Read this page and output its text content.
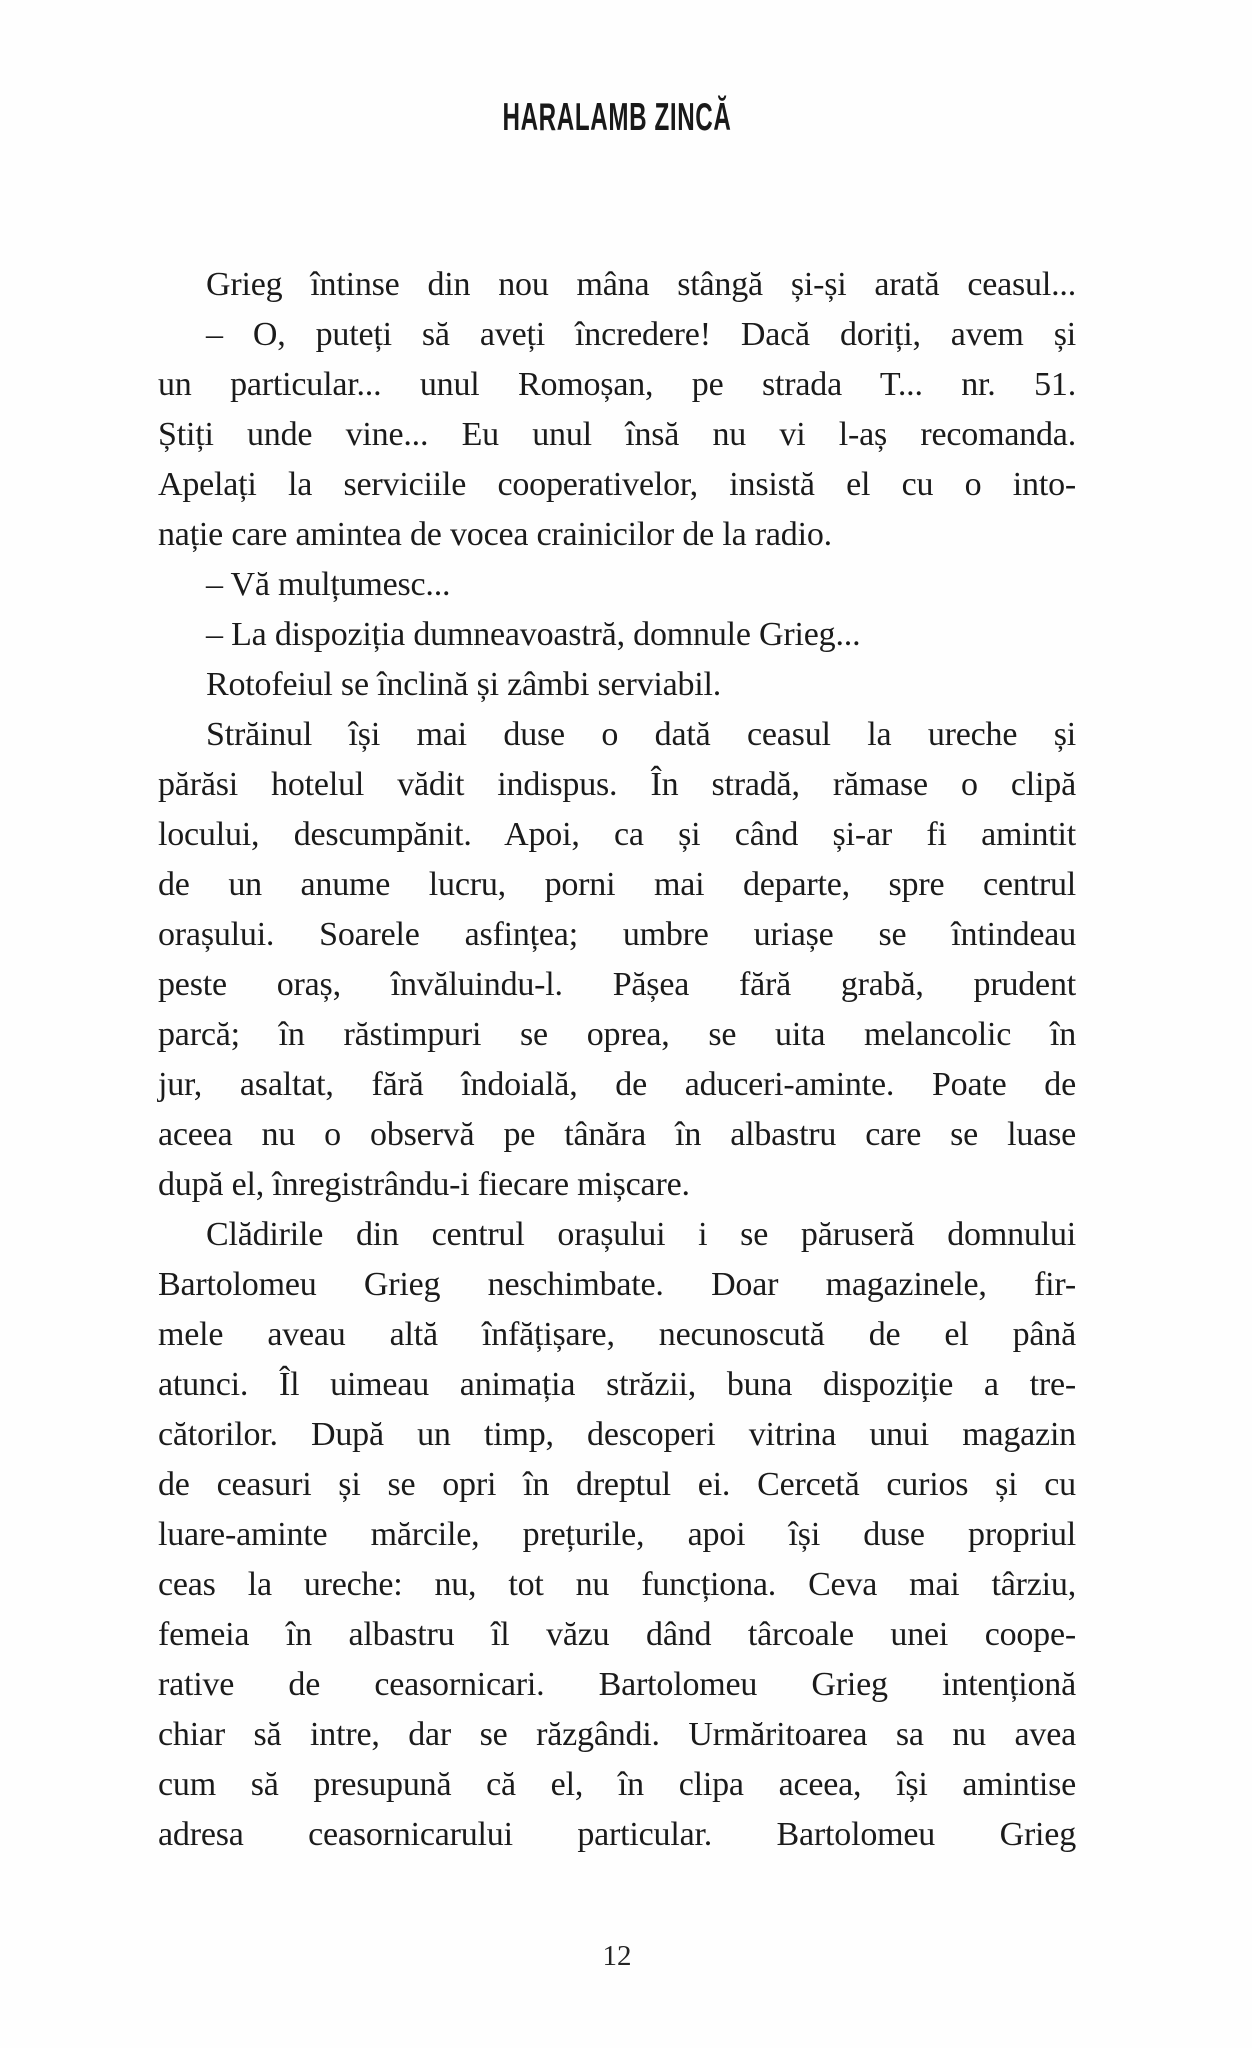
HARALAMB ZINCĂ
Grieg întinse din nou mâna stângă și-și arată ceasul...
– O, puteți să aveți încredere! Dacă doriți, avem și
un particular... unul Romoșan, pe strada T... nr. 51.
Știți unde vine... Eu unul însă nu vi l-aș recomanda.
Apelați la serviciile cooperativelor, insistă el cu o into-
nație care amintea de vocea crainicilor de la radio.
– Vă mulțumesc...
– La dispoziția dumneavoastră, domnule Grieg...
Rotofeiul se înclină și zâmbi serviabil.
Străinul își mai duse o dată ceasul la ureche și
părăsi hotelul vădit indispus. În stradă, rămase o clipă
locului, descumpănit. Apoi, ca și când și-ar fi amintit
de un anume lucru, porni mai departe, spre centrul
orașului. Soarele asfințea; umbre uriașe se întindeau
peste oraș, învăluindu-l. Pășea fără grabă, prudent
parcă; în răstimpuri se oprea, se uita melancolic în
jur, asaltat, fără îndoială, de aduceri-aminte. Poate de
aceea nu o observă pe tânăra în albastru care se luase
după el, înregistrându-i fiecare mișcare.
Clădirile din centrul orașului i se păruseră domnului
Bartolomeu Grieg neschimbate. Doar magazinele, fir-
mele aveau altă înfățișare, necunoscută de el până
atunci. Îl uimeau animația străzii, buna dispoziție a tre-
cătorilor. După un timp, descoperi vitrina unui magazin
de ceasuri și se opri în dreptul ei. Cercetă curios și cu
luare-aminte mărcile, prețurile, apoi își duse propriul
ceas la ureche: nu, tot nu funcționa. Ceva mai târziu,
femeia în albastru îl văzu dând târcoale unei coope-
rative de ceasornicari. Bartolomeu Grieg intenționă
chiar să intre, dar se răzgândi. Urmăritoarea sa nu avea
cum să presupună că el, în clipa aceea, își amintise
adresa ceasornicarului particular. Bartolomeu Grieg
12
